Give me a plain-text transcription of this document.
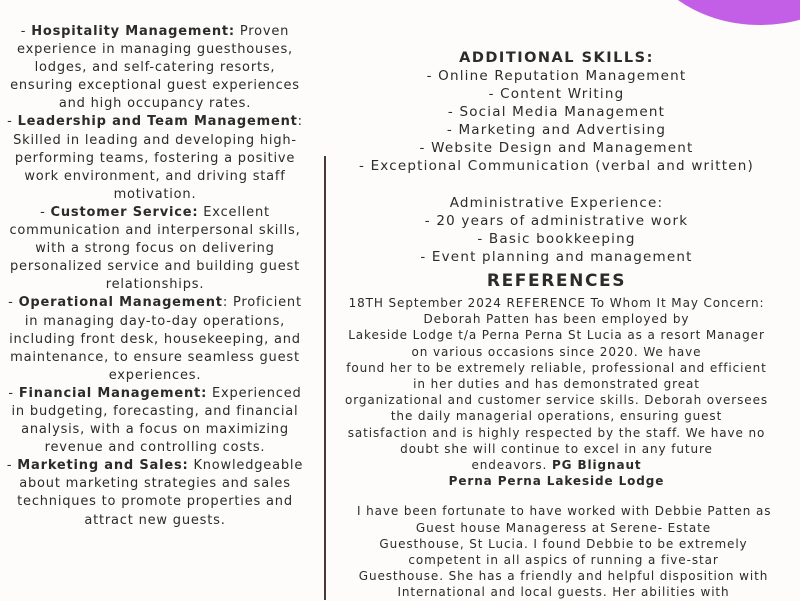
- Hospitality Management: Proven experience in managing guesthouses, lodges, and self-catering resorts, ensuring exceptional guest experiences and high occupancy rates.

- Leadership and Team Management: Skilled in leading and developing high-performing teams, fostering a positive work environment, and driving staff motivation.

- Customer Service: Excellent communication and interpersonal skills, with a strong focus on delivering personalized service and building guest relationships.

- Operational Management: Proficient in managing day-to-day operations, including front desk, housekeeping, and maintenance, to ensure seamless guest experiences.

- Financial Management: Experienced in budgeting, forecasting, and financial analysis, with a focus on maximizing revenue and controlling costs.

- Marketing and Sales: Knowledgeable about marketing strategies and sales techniques to promote properties and attract new guests.

ADDITIONAL SKILLS:
- Online Reputation Management
- Content Writing
- Social Media Management
- Marketing and Advertising
- Website Design and Management
- Exceptional Communication (verbal and written)

Administrative Experience:

- 20 years of administrative work
- Basic bookkeeping
- Event planning and management
REFERENCES
18TH September 2024 REFERENCE To Whom It May Concern:
Deborah Patten has been employed by
Lakeside Lodge t/a Perna Perna St Lucia as a resort Manager
on various occasions since 2020. We have
found her to be extremely reliable, professional and efficient
in her duties and has demonstrated great
organizational and customer service skills. Deborah oversees
the daily managerial operations, ensuring guest
satisfaction and is highly respected by the staff. We have no
doubt she will continue to excel in any future
endeavors. PG Blignaut
Perna Perna Lakeside Lodge
I have been fortunate to have worked with Debbie Patten as
Guest house Manageress at Serene- Estate
Guesthouse, St Lucia. I found Debbie to be extremely
competent in all aspics of running a five-star
Guesthouse. She has a friendly and helpful disposition with
International and local guests. Her abilities with
